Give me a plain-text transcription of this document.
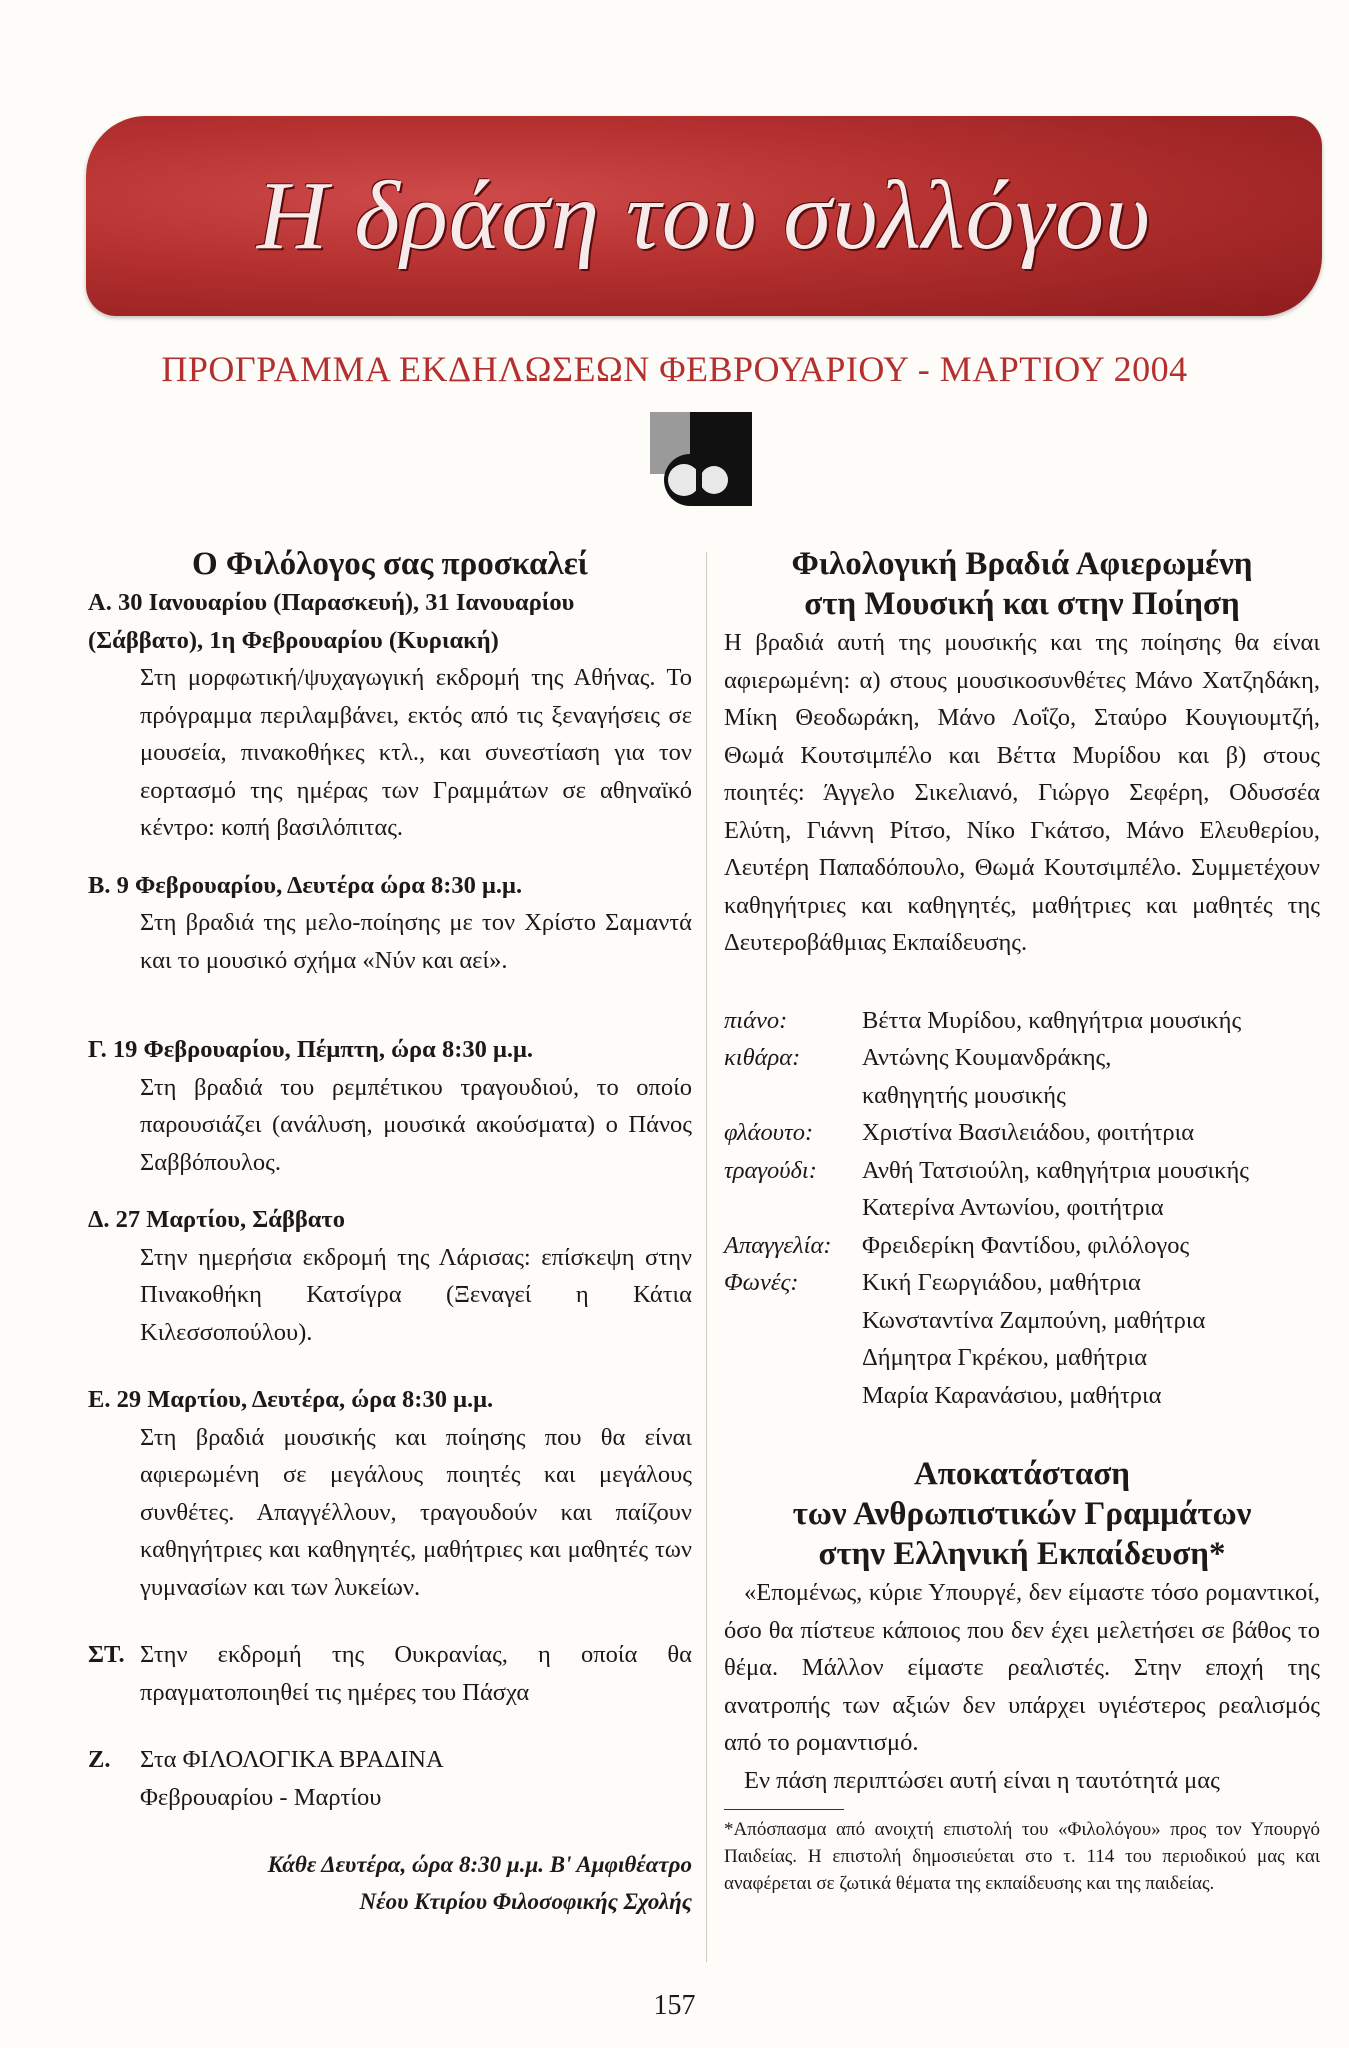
Η δράση του συλλόγου
ΠΡΟΓΡΑΜΜΑ ΕΚΔΗΛΩΣΕΩΝ ΦΕΒΡΟΥΑΡΙΟΥ - ΜΑΡΤΙΟΥ 2004
Ο Φιλόλογος σας προσκαλεί

Α. 30 Ιανουαρίου (Παρασκευή), 31 Ιανουαρίου (Σάββατο), 1η Φεβρουαρίου (Κυριακή)

Στη μορφωτική/ψυχαγωγική εκδρομή της Αθήνας. Το πρόγραμμα περιλαμβάνει, εκτός από τις ξεναγήσεις σε μουσεία, πινακοθήκες κτλ., και συνεστίαση για τον εορτασμό της ημέρας των Γραμμάτων σε αθηναϊκό κέντρο: κοπή βασιλόπιτας.

Β. 9 Φεβρουαρίου, Δευτέρα ώρα 8:30 μ.μ.

Στη βραδιά της μελο-ποίησης με τον Χρίστο Σαμαντά και το μουσικό σχήμα «Νύν και αεί».

Γ. 19 Φεβρουαρίου, Πέμπτη, ώρα 8:30 μ.μ.

Στη βραδιά του ρεμπέτικου τραγουδιού, το οποίο παρουσιάζει (ανάλυση, μουσικά ακούσματα) ο Πάνος Σαββόπουλος.

Δ. 27 Μαρτίου, Σάββατο

Στην ημερήσια εκδρομή της Λάρισας: επίσκεψη στην Πινακοθήκη Κατσίγρα (Ξεναγεί η Κάτια Κιλεσσοπούλου).

Ε. 29 Μαρτίου, Δευτέρα, ώρα 8:30 μ.μ.

Στη βραδιά μουσικής και ποίησης που θα είναι αφιερωμένη σε μεγάλους ποιητές και μεγάλους συνθέτες. Απαγγέλλουν, τραγουδούν και παίζουν καθηγήτριες και καθηγητές, μαθήτριες και μαθητές των γυμνασίων και των λυκείων.

ΣΤ. Στην εκδρομή της Ουκρανίας, η οποία θα πραγματοποιηθεί τις ημέρες του Πάσχα
Ζ.	Στα ΦΙΛΟΛΟΓΙΚΑ ΒΡΑΔΙΝΑ

Φεβρουαρίου - Μαρτίου

Κάθε Δευτέρα, ώρα 8:30 μ.μ. Β' Αμφιθέατρο
Νέου Κτιρίου Φιλοσοφικής Σχολής
Φιλολογική Βραδιά Αφιερωμένη
στη Μουσική και στην Ποίηση

Η βραδιά αυτή της μουσικής και της ποίησης θα είναι αφιερωμένη: α) στους μουσικοσυνθέτες Μάνο Χατζηδάκη, Μίκη Θεοδωράκη, Μάνο Λοΐζο, Σταύρο Κουγιουμτζή, Θωμά Κουτσιμπέλο και Βέττα Μυρίδου και β) στους ποιητές: Άγγελο Σικελιανό, Γιώργο Σεφέρη, Οδυσσέα Ελύτη, Γιάννη Ρίτσο, Νίκο Γκάτσο, Μάνο Ελευθερίου, Λευτέρη Παπαδόπουλο, Θωμά Κουτσιμπέλο. Συμμετέχουν καθηγήτριες και καθηγητές, μαθήτριες και μαθητές της Δευτεροβάθμιας Εκπαίδευσης.

πιάνο:	Βέττα Μυρίδου, καθηγήτρια μουσικής
κιθάρα:	Αντώνης Κουμανδράκης,
καθηγητής μουσικής
φλάουτο:	Χριστίνα Βασιλειάδου, φοιτήτρια
τραγούδι:	Ανθή Τατσιούλη, καθηγήτρια μουσικής
Κατερίνα Αντωνίου, φοιτήτρια
Απαγγελία:	Φρειδερίκη Φαντίδου, φιλόλογος
Φωνές:	Κική Γεωργιάδου, μαθήτρια
Κωνσταντίνα Ζαμπούνη, μαθήτρια
Δήμητρα Γκρέκου, μαθήτρια
Μαρία Καρανάσιου, μαθήτρια
Αποκατάσταση
των Ανθρωπιστικών Γραμμάτων
στην Ελληνική Εκπαίδευση*

«Επομένως, κύριε Υπουργέ, δεν είμαστε τόσο ρομαντικοί, όσο θα πίστευε κάποιος που δεν έχει μελετήσει σε βάθος το θέμα. Μάλλον είμαστε ρεαλιστές. Στην εποχή της ανατροπής των αξιών δεν υπάρχει υγιέστερος ρεαλισμός από το ρομαντισμό.

Εν πάση περιπτώσει αυτή είναι η ταυτότητά μας

*Απόσπασμα από ανοιχτή επιστολή του «Φιλολόγου» προς τον Υπουργό Παιδείας. Η επιστολή δημοσιεύεται στο τ. 114 του περιοδικού μας και αναφέρεται σε ζωτικά θέματα της εκπαίδευσης και της παιδείας.

157
